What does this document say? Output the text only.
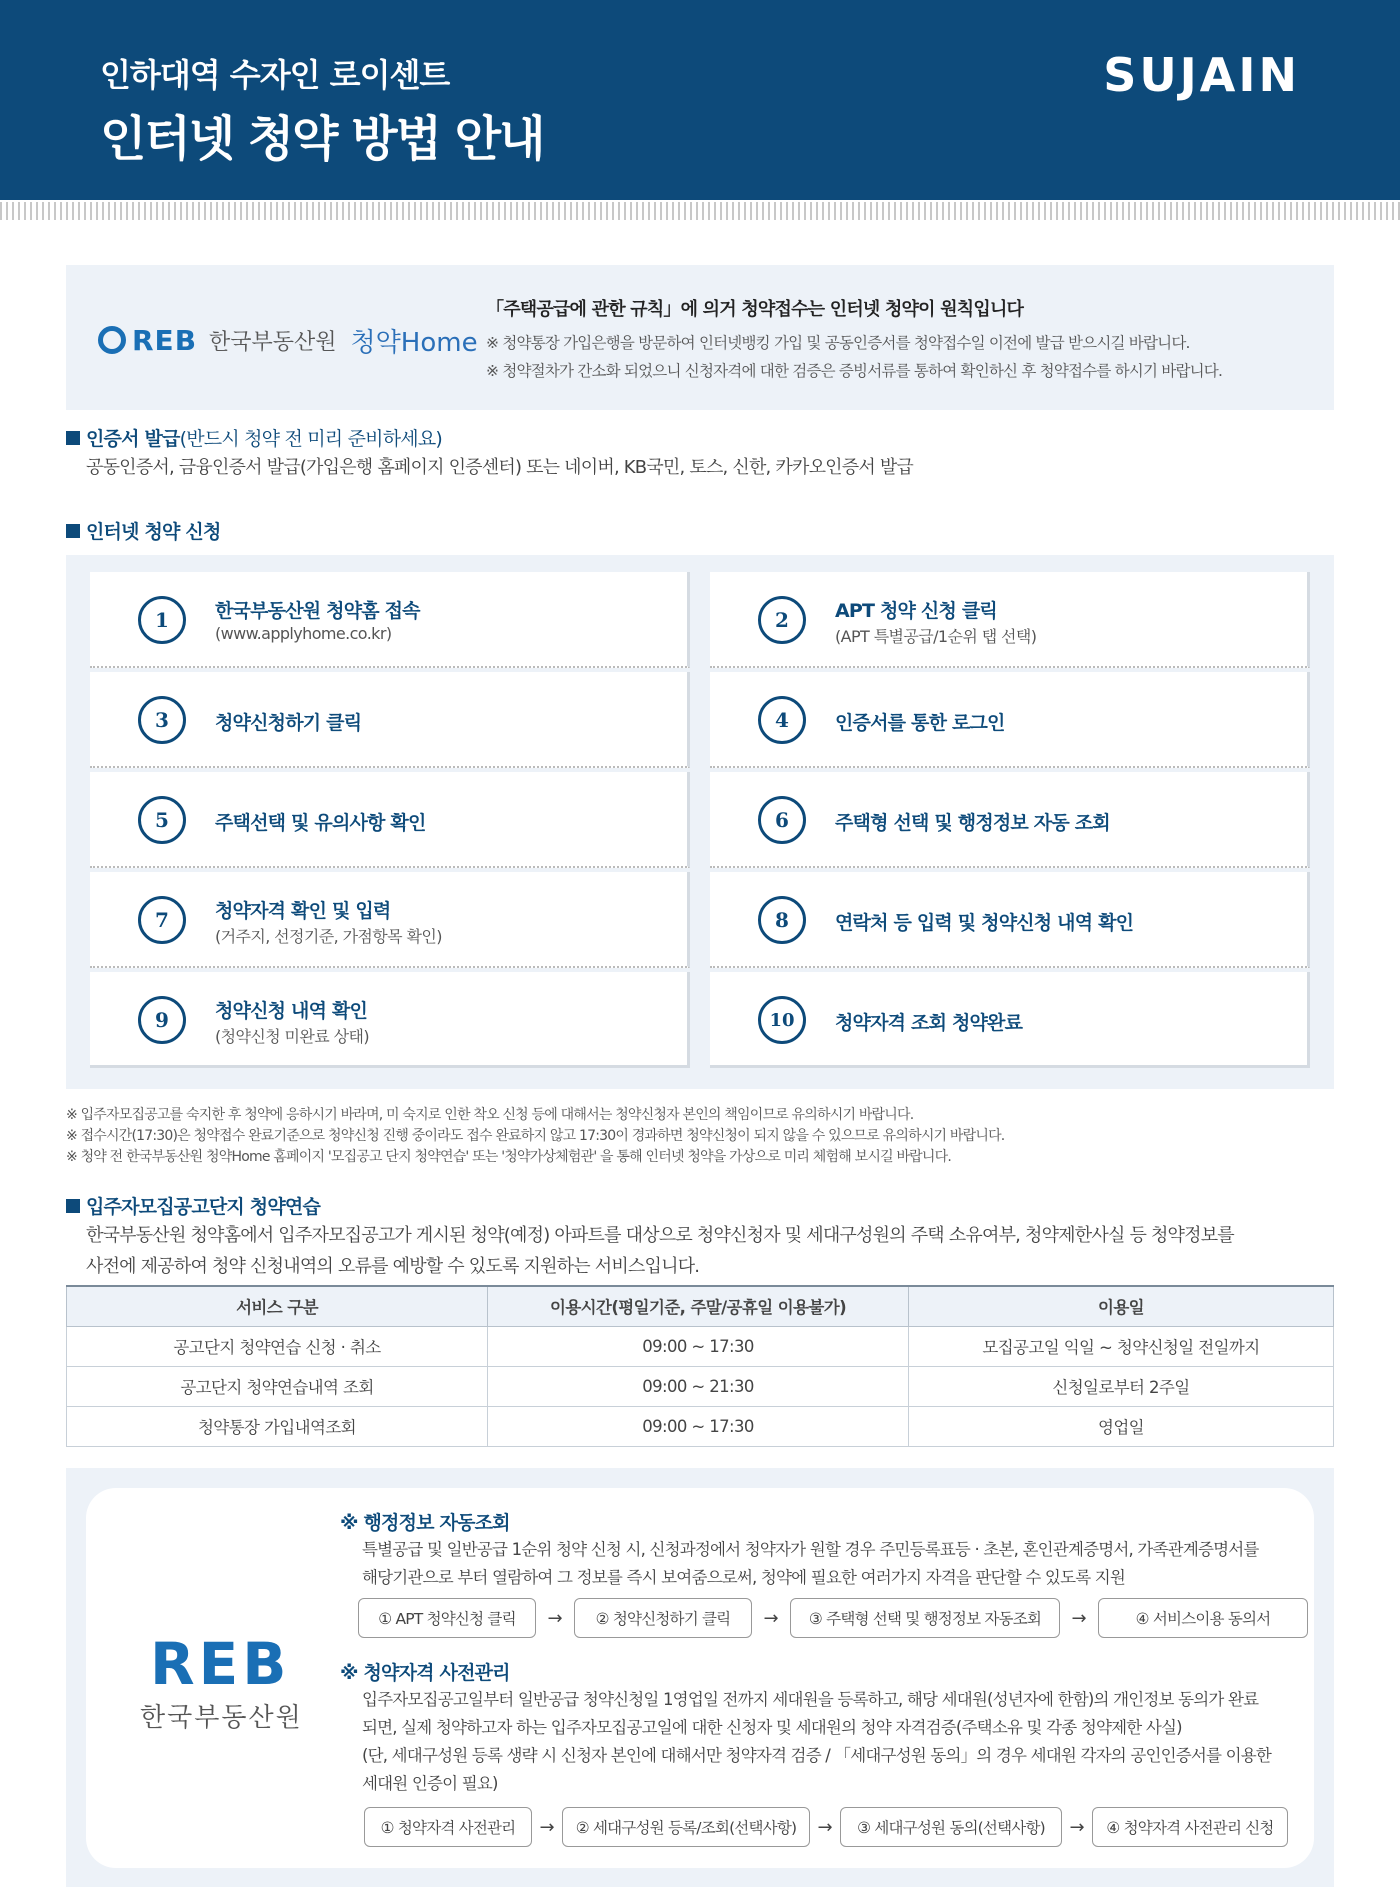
인하대역 수자인 로이센트
인터넷 청약 방법 안내
SUJAIN
REB 한국부동산원 청약Home
「주택공급에 관한 규칙」에 의거 청약접수는 인터넷 청약이 원칙입니다
※ 청약통장 가입은행을 방문하여 인터넷뱅킹 가입 및 공동인증서를 청약접수일 이전에 발급 받으시길 바랍니다.
※ 청약절차가 간소화 되었으니 신청자격에 대한 검증은 증빙서류를 통하여 확인하신 후 청약접수를 하시기 바랍니다.
인증서 발급 (반드시 청약 전 미리 준비하세요)
공동인증서, 금융인증서 발급(가입은행 홈페이지 인증센터) 또는 네이버, KB국민, 토스, 신한, 카카오인증서 발급
인터넷 청약 신청
1	한국부동산원 청약홈 접속
(www.applyhome.co.kr)
2	APT 청약 신청 클릭
(APT 특별공급/1순위 탭 선택)
3	청약신청하기 클릭	4	인증서를 통한 로그인
5	주택선택 및 유의사항 확인	6	주택형 선택 및 행정정보 자동 조회
7	청약자격 확인 및 입력
(거주지, 선정기준, 가점항목 확인)
8	연락처 등 입력 및 청약신청 내역 확인
9	청약신청 내역 확인
(청약신청 미완료 상태)
10	청약자격 조회 청약완료
※ 입주자모집공고를 숙지한 후 청약에 응하시기 바라며, 미 숙지로 인한 착오 신청 등에 대해서는 청약신청자 본인의 책임이므로 유의하시기 바랍니다.
※ 접수시간(17:30)은 청약접수 완료기준으로 청약신청 진행 중이라도 접수 완료하지 않고 17:30이 경과하면 청약신청이 되지 않을 수 있으므로 유의하시기 바랍니다.
※ 청약 전 한국부동산원 청약Home 홈페이지 '모집공고 단지 청약연습' 또는 '청약가상체험관' 을 통해 인터넷 청약을 가상으로 미리 체험해 보시길 바랍니다.
입주자모집공고단지 청약연습
한국부동산원 청약홈에서 입주자모집공고가 게시된 청약(예정) 아파트를 대상으로 청약신청자 및 세대구성원의 주택 소유여부, 청약제한사실 등 청약정보를
사전에 제공하여 청약 신청내역의 오류를 예방할 수 있도록 지원하는 서비스입니다.
서비스 구분	이용시간(평일기준, 주말/공휴일 이용불가)	이용일
공고단지 청약연습 신청 · 취소	09:00 ~ 17:30	모집공고일 익일 ~ 청약신청일 전일까지
공고단지 청약연습내역 조회	09:00 ~ 21:30	신청일로부터 2주일
청약통장 가입내역조회	09:00 ~ 17:30	영업일
REB
한국부동산원
※ 행정정보 자동조회
특별공급 및 일반공급 1순위 청약 신청 시, 신청과정에서 청약자가 원할 경우 주민등록표등 · 초본, 혼인관계증명서, 가족관계증명서를
해당기관으로 부터 열람하여 그 정보를 즉시 보여줌으로써, 청약에 필요한 여러가지 자격을 판단할 수 있도록 지원
① APT 청약신청 클릭	→	② 청약신청하기 클릭	→	③ 주택형 선택 및 행정정보 자동조회	→	④ 서비스이용 동의서
※ 청약자격 사전관리
입주자모집공고일부터 일반공급 청약신청일 1영업일 전까지 세대원을 등록하고, 해당 세대원(성년자에 한함)의 개인정보 동의가 완료
되면, 실제 청약하고자 하는 입주자모집공고일에 대한 신청자 및 세대원의 청약 자격검증(주택소유 및 각종 청약제한 사실)
(단, 세대구성원 등록 생략 시 신청자 본인에 대해서만 청약자격 검증 / 「세대구성원 동의」의 경우 세대원 각자의 공인인증서를 이용한
세대원 인증이 필요)
① 청약자격 사전관리	→	② 세대구성원 등록/조회(선택사항)	→	③ 세대구성원 동의(선택사항)	→	④ 청약자격 사전관리 신청
